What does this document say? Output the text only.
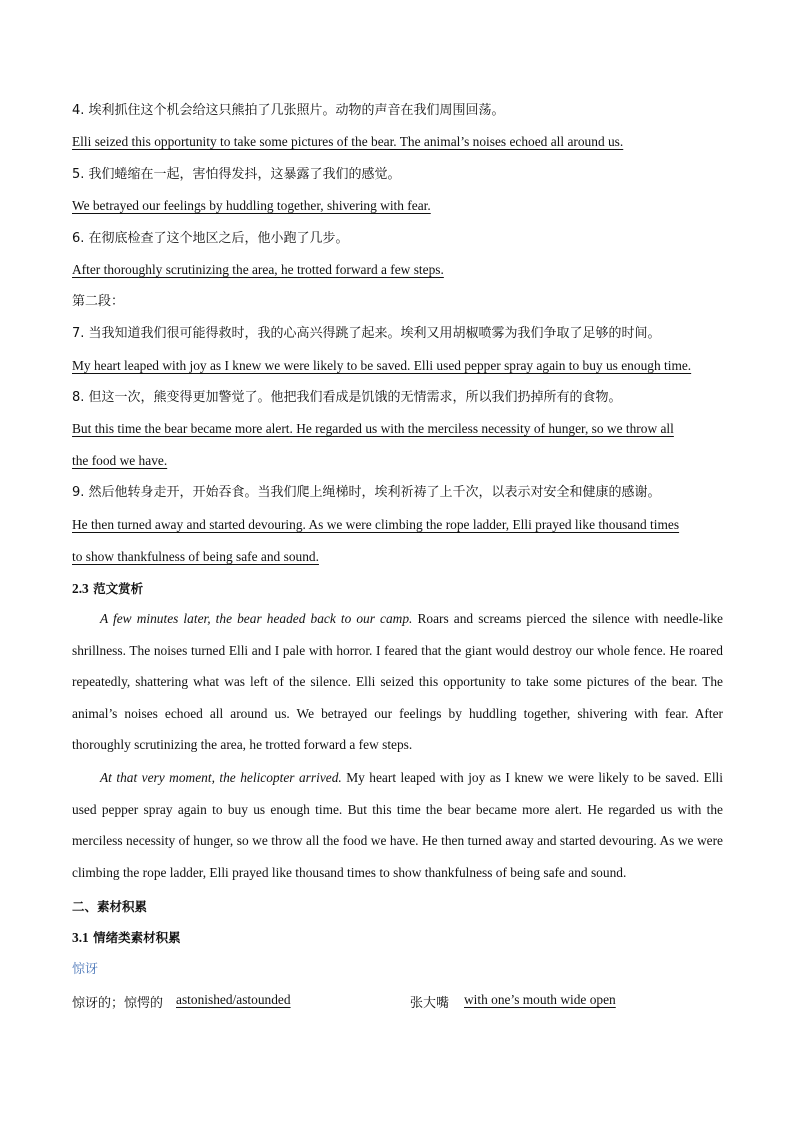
4. 埃利抓住这个机会给这只熊拍了几张照片。动物的声音在我们周围回荡。
Elli seized this opportunity to take some pictures of the bear. The animal’s noises echoed all around us.
5. 我们蜷缩在一起，害怕得发抖，这暴露了我们的感觉。
We betrayed our feelings by huddling together, shivering with fear.
6. 在彻底检查了这个地区之后，他小跑了几步。
After thoroughly scrutinizing the area, he trotted forward a few steps.
第二段：
7. 当我知道我们很可能得救时，我的心高兴得跳了起来。埃利又用胡椒喷雾为我们争取了足够的时间。
My heart leaped with joy as I knew we were likely to be saved. Elli used pepper spray again to buy us enough time.
8. 但这一次，熊变得更加警觉了。他把我们看成是饥饿的无情需求，所以我们扔掉所有的食物。
But this time the bear became more alert. He regarded us with the merciless necessity of hunger, so we throw all
the food we have.
9. 然后他转身走开，开始吞食。当我们爬上绳梯时，埃利祈祷了上千次，以表示对安全和健康的感谢。
He then turned away and started devouring. As we were climbing the rope ladder, Elli prayed like thousand times
to show thankfulness of being safe and sound.
2.3 范文赏析
A few minutes later, the bear headed back to our camp. Roars and screams pierced the silence with needle-like shrillness. The noises turned Elli and I pale with horror. I feared that the giant would destroy our whole fence. He roared repeatedly, shattering what was left of the silence. Elli seized this opportunity to take some pictures of the bear. The animal’s noises echoed all around us. We betrayed our feelings by huddling together, shivering with fear. After thoroughly scrutinizing the area, he trotted forward a few steps.
At that very moment, the helicopter arrived. My heart leaped with joy as I knew we were likely to be saved. Elli used pepper spray again to buy us enough time. But this time the bear became more alert. He regarded us with the merciless necessity of hunger, so we throw all the food we have. He then turned away and started devouring. As we were climbing the rope ladder, Elli prayed like thousand times to show thankfulness of being safe and sound.
二、素材积累
3.1 情绪类素材积累
惊讶
惊讶的；惊愕的 astonished/astounded	张大嘴 with one’s mouth wide open
